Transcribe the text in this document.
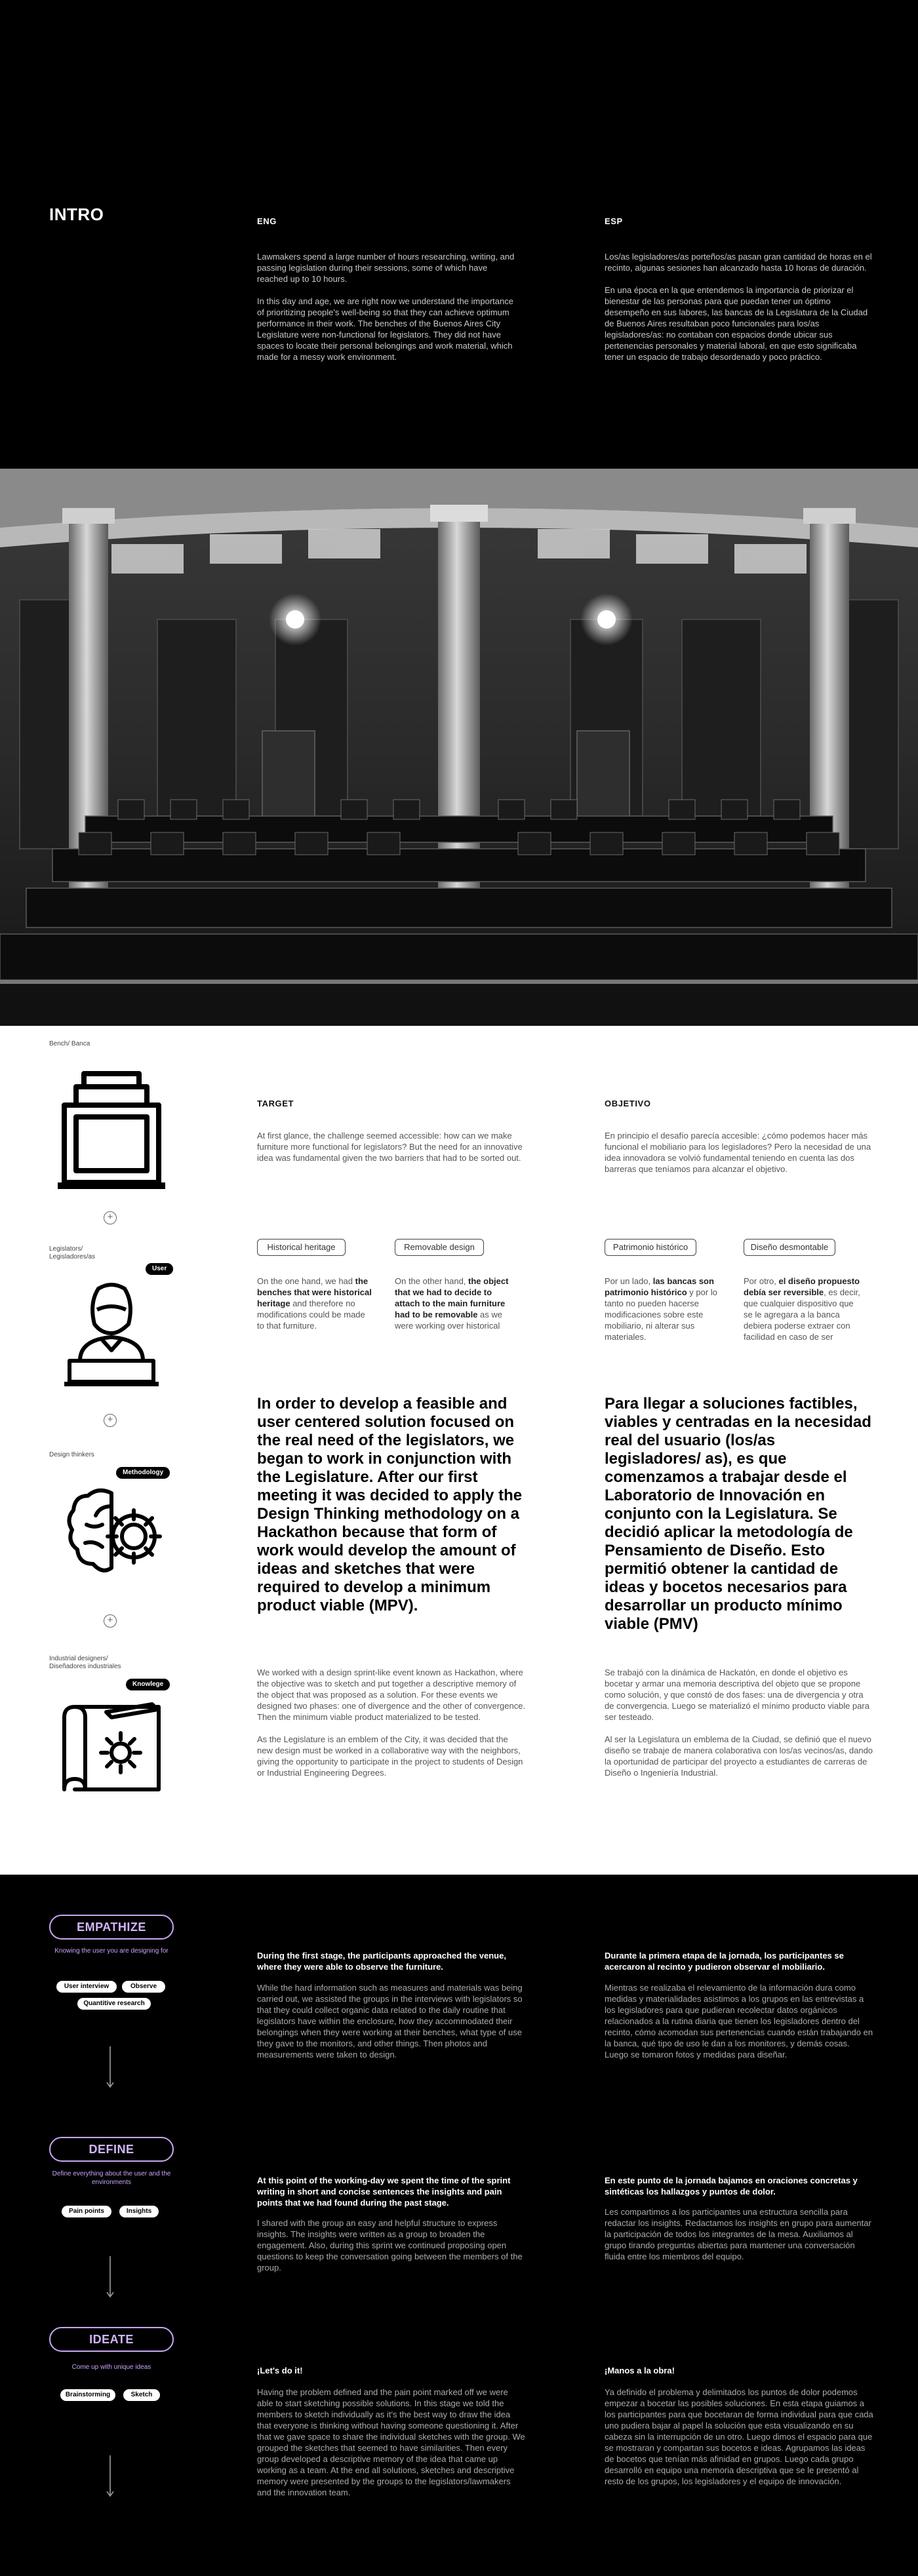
INTRO	ENG	ESP

Lawmakers spend a large number of hours researching, writing, and passing legislation during their sessions, some of which have reached up to 10 hours.

In this day and age, we are right now we understand the importance of prioritizing people's well-being so that they can achieve optimum performance in their work. The benches of the Buenos Aires City Legislature were non-functional for legislators. They did not have spaces to locate their personal belongings and work material, which made for a messy work environment.

Los/as legisladores/as porteños/as pasan gran cantidad de horas en el recinto, algunas sesiones han alcanzado hasta 10 horas de duración.

En una época en la que entendemos la importancia de priorizar el bienestar de las personas para que puedan tener un óptimo desempeño en sus labores, las bancas de la Legislatura de la Ciudad de Buenos Aires resultaban poco funcionales para los/as legisladores/as: no contaban con espacios donde ubicar sus pertenencias personales y material laboral, en que esto significaba tener un espacio de trabajo desordenado y poco práctico.

Bench/ Banca
+
Legislators/ Legisladores/as
User
+
Design thinkers
Methodology
+
Industrial designers/ Diseñadores industriales
Knowlege
TARGET	OBJETIVO
At first glance, the challenge seemed accessible: how can we make furniture more functional for legislators? But the need for an innovative idea was fundamental given the two barriers that had to be sorted out.
En principio el desafío parecía accesible: ¿cómo podemos hacer más funcional el mobiliario para los legisladores? Pero la necesidad de una idea innovadora se volvió fundamental teniendo en cuenta las dos barreras que teníamos para alcanzar el objetivo.
Historical heritage	Removable design	Patrimonio histórico	Diseño desmontable
On the one hand, we had the benches that were historical heritage and therefore no modifications could be made to that furniture.
On the other hand, the object that we had to decide to attach to the main furniture had to be removable as we were working over historical
Por un lado, las bancas son patrimonio histórico y por lo tanto no pueden hacerse modificaciones sobre este mobiliario, ni alterar sus materiales.
Por otro, el diseño propuesto debía ser reversible, es decir, que cualquier dispositivo que se le agregara a la banca debiera poderse extraer con facilidad en caso de ser
In order to develop a feasible and user centered solution focused on the real need of the legislators, we began to work in conjunction with the Legislature. After our first meeting it was decided to apply the Design Thinking methodology on a Hackathon because that form of work would develop the amount of ideas and sketches that were required to develop a minimum product viable (MPV).
Para llegar a soluciones factibles, viables y centradas en la necesidad real del usuario (los/as legisladores/ as), es que comenzamos a trabajar desde el Laboratorio de Innovación en conjunto con la Legislatura. Se decidió aplicar la metodología de Pensamiento de Diseño. Esto permitió obtener la cantidad de ideas y bocetos necesarios para desarrollar un producto mínimo viable (PMV)

We worked with a design sprint-like event known as Hackathon, where the objective was to sketch and put together a descriptive memory of the object that was proposed as a solution. For these events we designed two phases: one of divergence and the other of convergence. Then the minimum viable product materialized to be tested.

As the Legislature is an emblem of the City, it was decided that the new design must be worked in a collaborative way with the neighbors, giving the opportunity to participate in the project to students of Design or Industrial Engineering Degrees.

Se trabajó con la dinámica de Hackatón, en donde el objetivo es bocetar y armar una memoria descriptiva del objeto que se propone como solución, y que constó de dos fases: una de divergencia y otra de convergencia. Luego se materializó el mínimo producto viable para ser testeado.

Al ser la Legislatura un emblema de la Ciudad, se definió que el nuevo diseño se trabaje de manera colaborativa con los/as vecinos/as, dando la oportunidad de participar del proyecto a estudiantes de carreras de Diseño o Ingeniería Industrial.

EMPATHIZE
Knowing the user you are designing for
User interview	Observe
Quantitive research
During the first stage, the participants approached the venue, where they were able to observe the furniture.
While the hard information such as measures and materials was being carried out, we assisted the groups in the interviews with legislators so that they could collect organic data related to the daily routine that legislators have within the enclosure, how they accommodated their belongings when they were working at their benches, what type of use they gave to the monitors, and other things. Then photos and measurements were taken to design.
Durante la primera etapa de la jornada, los participantes se acercaron al recinto y pudieron observar el mobiliario.
Mientras se realizaba el relevamiento de la información dura como medidas y materialidades asistimos a los grupos en las entrevistas a los legisladores para que pudieran recolectar datos orgánicos relacionados a la rutina diaria que tienen los legisladores dentro del recinto, cómo acomodan sus pertenencias cuando están trabajando en la banca, qué tipo de uso le dan a los monitores, y demás cosas. Luego se tomaron fotos y medidas para diseñar.
DEFINE
Define everything about the user and the environments
Pain points	Insights
At this point of the working-day we spent the time of the sprint writing in short and concise sentences the insights and pain points that we had found during the past stage.
I shared with the group an easy and helpful structure to express insights. The insights were written as a group to broaden the engagement. Also, during this sprint we continued proposing open questions to keep the conversation going between the members of the group.
En este punto de la jornada bajamos en oraciones concretas y sintéticas los hallazgos y puntos de dolor.
Les compartimos a los participantes una estructura sencilla para redactar los insights. Redactamos los insights en grupo para aumentar la participación de todos los integrantes de la mesa. Auxiliamos al grupo tirando preguntas abiertas para mantener una conversación fluida entre los miembros del equipo.
IDEATE
Come up with unique ideas
Brainstorming	Sketch
¡Let's do it!
Having the problem defined and the pain point marked off we were able to start sketching possible solutions. In this stage we told the members to sketch individually as it's the best way to draw the idea that everyone is thinking without having someone questioning it. After that we gave space to share the individual sketches with the group. We grouped the sketches that seemed to have similarities. Then every group developed a descriptive memory of the idea that came up working as a team. At the end all solutions, sketches and descriptive memory were presented by the groups to the legislators/lawmakers and the innovation team.
¡Manos a la obra!
Ya definido el problema y delimitados los puntos de dolor podemos empezar a bocetar las posibles soluciones. En esta etapa guiamos a los participantes para que bocetaran de forma individual para que cada uno pudiera bajar al papel la solución que esta visualizando en su cabeza sin la interrupción de un otro. Luego dimos el espacio para que se mostraran y compartan sus bocetos e ideas. Agrupamos las ideas de bocetos que tenían más afinidad en grupos. Luego cada grupo desarrolló en equipo una memoria descriptiva que se le presentó al resto de los grupos, los legisladores y el equipo de innovación.
